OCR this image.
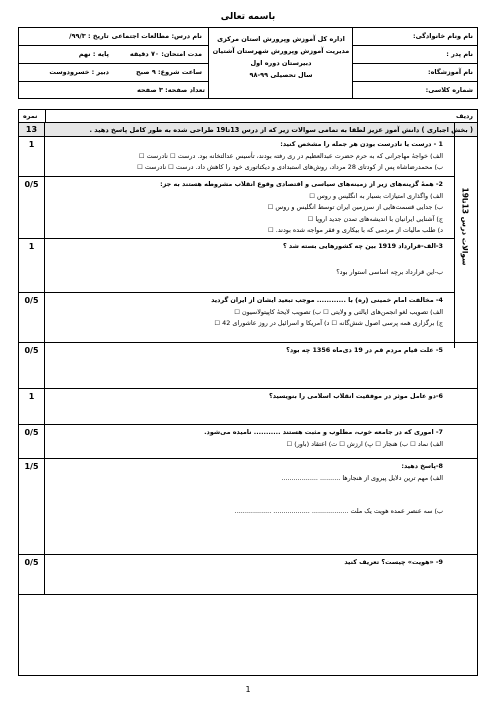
باسمه تعالی
نام ونام خانوادگی:
نام پدر :
نام آموزشگاه:
شماره کلاسی:
اداره کل آموزش وپرورش استان مرکزی
مدیریت آموزش وپرورش شهرستان آشتیان
دبیرستان دوره اول
سال تحصیلی ۹۹-۹۸
نام درس: مطالعات اجتماعی
تاریخ : ۹۹/۳/
مدت امتحان: ۷۰ دقیقه
پایه : نهم
ساعت شروع: ۹ صبح
دبیر : خسرودوست
تعداد صفحه: ۳ صفحه
ردیف
نمره
13	( بخش اجباری ) دانش آموز عزیز لطفا به تمامی سوالات زیر که از درس 13تا19 طراحی شده به طور کامل پاسخ دهید .
سوالات درس 13تا19
1	1 - درست یا نادرست بودن هر جمله را مشخص کنید:
الف) خواجهٔ مهاجرانی که به حرم حضرت عبدالعظیم در ری رفته بودند، تأسیس عدالتخانه بود. درست ☐ نادرست ☐
ب) محمدرضاشاه پس از کودتای 28 مرداد، روش‌های استبدادی و دیکتاتوری خود را کاهش داد. درست ☐ نادرست ☐
0/5	2- همهٔ گزینه‌های زیر از زمینه‌های سیاسی و اقتصادی وقوع انقلاب مشروطه هستند به جز:
الف) واگذاری امتیازات بسیار به انگلیس و روس ☐
ب) جدایی قسمت‌هایی از سرزمین ایران توسط انگلیس و روس ☐
ج) آشنایی ایرانیان با اندیشه‌های تمدن جدید اروپا ☐
د) طلب مالیات از مردمی که با بیکاری و فقر مواجه شده بودند. ☐
1	3-الف-قرارداد 1919 بین چه کشورهایی بسته شد ؟
ب-این قرارداد برچه اساسی استوار بود؟
0/5	4- مخالفت امام خمینی (ره) با ............ موجب تبعید ایشان از ایران گردید
الف) تصویب لغو انجمن‌های ایالتی و ولایتی ☐ ب) تصویب لایحهٔ کاپیتولاسیون ☐
ج) برگزاری همه پرسی اصول شش‌گانه ☐ د) آمریکا و اسرائیل در روز عاشورای 42 ☐
0/5	5- علت قیام مردم قم در 19 دی‌ماه 1356 چه بود؟
1	6-دو عامل موثر در موفقیت انقلاب اسلامی را بنویسید؟
0/5	7- اموری که در جامعه خوب، مطلوب و مثبت هستند ........... نامیده می‌شود.
الف) نماد ☐ ب) هنجار ☐ پ) ارزش ☐ ت) اعتقاد (باور) ☐
1/5	8-پاسخ دهید:
الف) مهم ترین دلایل پیروی از هنجارها .......... ..................
ب) سه عنصر عمده هویت یک ملت .................. .................. ..................
0/5	9- «هویت» چیست؟ تعریف کنید
1
